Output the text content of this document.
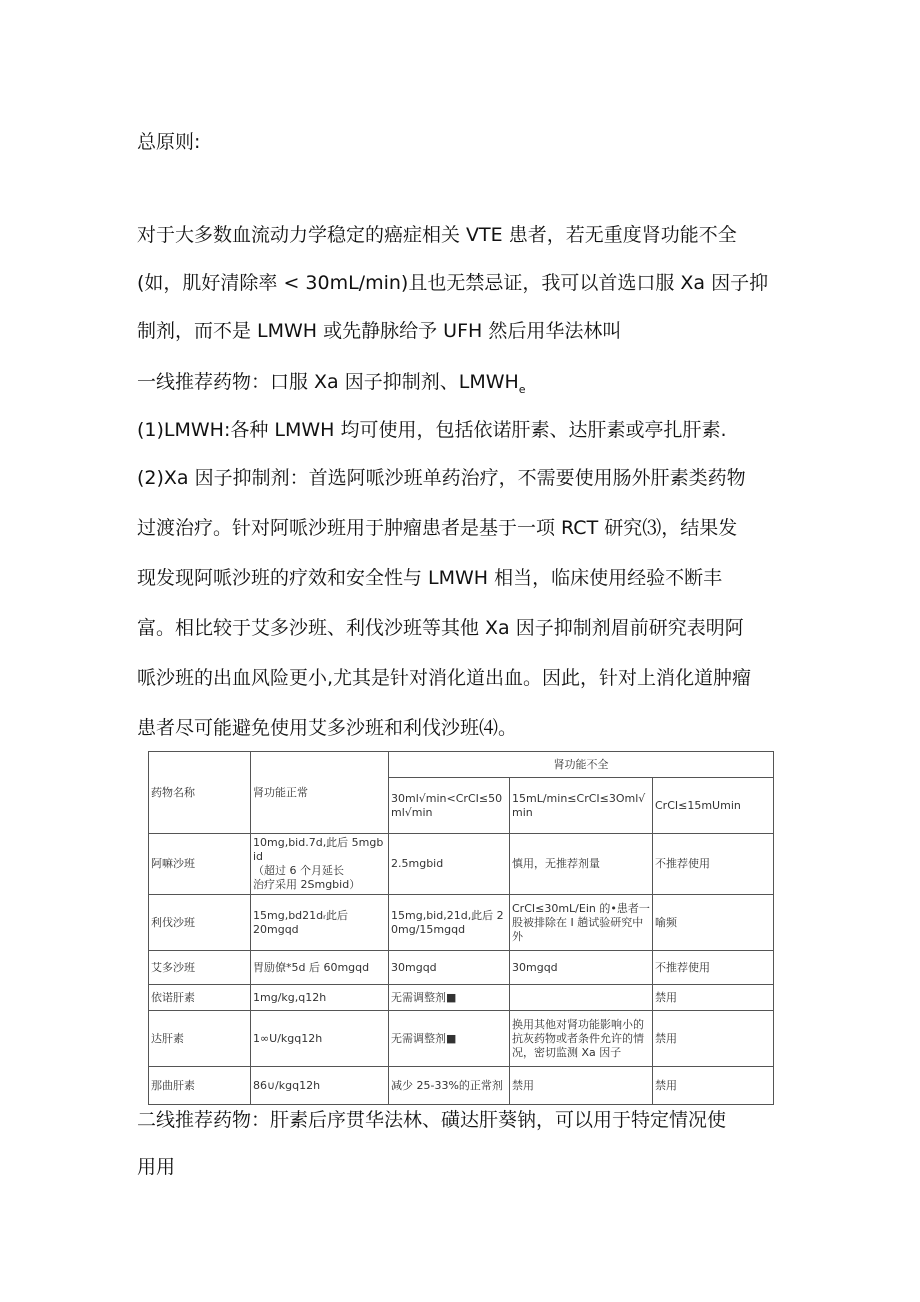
总原则:
对于大多数血流动力学稳定的癌症相关 VTE 患者，若无重度肾功能不全
(如，肌好清除率 < 30mL/min)且也无禁忌证，我可以首选口服 Xa 因子抑
制剂，而不是 LMWH 或先静脉给予 UFH 然后用华法林叫
一线推荐药物：口服 Xa 因子抑制剂、$LMWH_e$
(1)LMWH:各种 LMWH 均可使用，包括依诺肝素、达肝素或亭扎肝素.
(2)Xa 因子抑制剂：首选阿哌沙班单药治疗，不需要使用肠外肝素类药物
过渡治疗。针对阿哌沙班用于肿瘤患者是基于一项 RCT 研究⑶，结果发
现发现阿哌沙班的疗效和安全性与 LMWH 相当，临床使用经验不断丰
富。相比较于艾多沙班、利伐沙班等其他 Xa 因子抑制剂眉前研究表明阿
哌沙班的出血风险更小,尤其是针对消化道出血。因此，针对上消化道肿瘤
患者尽可能避免使用艾多沙班和利伐沙班⑷。
药物名称	肾功能正常	肾功能不全		
		30ml√min<CrCI≤50ml√min	15mL/min≤CrCI≤3Oml√min	CrCI≤15mUmin
阿嘛沙班	10mg,bid.7d,此后 5mgbid
（超过 6 个月延长
治疗采用 2Smgbid）	2.5mgbid	慎用，无推荐剂量	不推荐使用
利伐沙班	15mg,bd21dᵣ此后
20mgqd	15mg,bid,21d,此后 20mg/15mgqd	CrCI≤30mL/Ein 的•患者一股被排除在 I 趟试验研究中外	喻频
艾多沙班	胃励僚*5d 后 60mgqd	30mgqd	30mgqd	不推荐使用
依诺肝素	1mg/kg,q12h	无需调整剂■		禁用
达肝素	1∞U/kgq12h	无需调整剂■	换用其他对肾功能影响小的抗灰药物或者条件允许的情况，密切监测 Xa 因子	禁用
那曲肝素	86∪/kgq12h	减少 25-33%的正常剂	禁用	禁用
二线推荐药物：肝素后序贯华法林、磺达肝葵钠，可以用于特定情况使
用用
